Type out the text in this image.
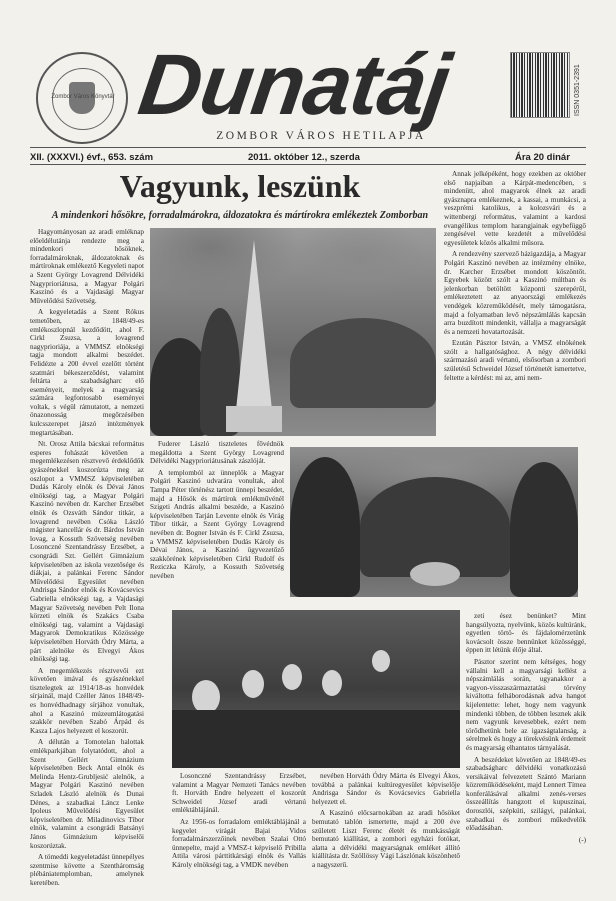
Zombor Város Könyvtár Dunatáj
ZOMBOR VÁROS HETILAPJA
ISSN 0351-2391
XII. (XXXVI.) évf., 653. szám	2011. október 12., szerda	Ára 20 dinár
Vagyunk, leszünk
A mindenkori hősökre, forradalmárokra, áldozatokra és mártírokra emlékeztek Zomborban

Hagyományosan az aradi emléknap előeldélutánja rendezte meg a mindenkori hősöknek, forradalmároknak, áldozatoknak és mártíroknak emlékeztő Kegyeleti napot a Szent György Lovagrend Délvidéki Nagyprioriátusa, a Magyar Polgári Kaszinó és a Vajdasági Magyar Művelődési Szövetség.

A kegyeletadás a Szent Rókus temetőben, az 1848/49-es emlékoszlopnál kezdődött, ahol F. Cirkl Zsuzsa, a lovagrend nagyprioriája, a VMMSZ elnökségi tagja mondott alkalmi beszédet. Felidézte a 200 évvel ezelőtt történt szatmári békeszerződést, valamint feltárta a szabadságharc elő eseményeit, melyek a magyarság számára legfontosabb eseményei voltak, s végül rámutatott, a nemzeti önazonosság megőrzésében kulcsszerepet játszó intézmények megtartásában.

Nt. Orosz Attila bácskai református esperes fohászát követően a megemlékezésen résztvevő érdeklődők gyászénekkel koszorúzta meg az oszlopot a VMMSZ képviseletében Dudás Károly elnök és Dévai János elnökségi tag, a Magyar Polgári Kaszinó nevében dr. Karcher Erzsébet elnök és Ozsváth Sándor titkár, a lovagrend nevében Csóka László mágister kancellár és dr. Bárdos István lovag, a Kossuth Szövetség nevében Losonczné Szentandrássy Erzsébet, a csongrádi Szt. Gellért Gimnázium képviseletében az iskola vezetősége és diákjai, a palánkai Ferenc Sándor Művelődési Egyesület nevében Andrisga Sándor elnök és Kovácsevics Gabriella elnökségi tag, a Vajdasági Magyar Szövetség nevében Pelt Ilona körzeti elnök és Szakács Csaba elnökségi tag, valamint a Vajdasági Magyarok Demokratikus Közössége képviseletében Horváth Ódry Márta, a párt alelnöke és Elvegyi Ákos elnökségi tag.

A megemlékezés résztvevői ezt követően imával és gyászénekkel tisztelegtek az 1914/18-as honvédek sírjainál, majd Czéller János 1848/49-es honvédhadnagy sírjához vonultak, ahol a Kaszinó múzeumlátogatási szakkör nevében Szabó Árpád és Kasza Lajos helyezett el koszorút.

A délután a Tomotelan halottak emlékparkjában folytatódott, ahol a Szent Gellért Gimnázium képviseletében Beck Antal elnök és Melinda Hentz-Grubljesić alelnök, a Magyar Polgári Kaszinó nevében Szladek László alelnök és Dunai Dénes, a szabadkai Láncz Lenke Ipoleus Művelődési Egyesület képviseletében dr. Miladinovics Tibor elnök, valamint a csongrádi Batsányi János Gimnázium képviselői koszorúztak.

A tömeddi kegyeletadást ünnepélyes szentmise követte a Szentháromság plébániatemplomban, amelynek keretében.

Annak jelképéként, hogy ezekben az október első napjaiban a Kárpát-medencében, s mindenütt, ahol magyarok élnek az aradi gyásznapra emlékeznek, a kassai, a munkácsi, a veszprémi katolikus, a kolozsvári és a wittenbergi református, valamint a kardosi evangélikus templom harangjainak egybefüggő zengésével vette kezdetét a művelődési egyesületek közös alkalmi műsora.

A rendezvény szervező házigazdája, a Magyar Polgári Kaszinó nevében az intézmény elnöke, dr. Karcher Erzsébet mondott köszöntőt. Egyebek között szólt a Kaszinó múltban és jelenkorban betöltött központi szerepéről, emlékeztetett az anyaországi emlékezés vendégek közreműködését, mely támogatásra, majd a folyamatban levő népszámlálás kapcsán arra buzdított mindenkit, vállalja a magyarságát és a nemzeti hovatartozását.

Ezután Pásztor István, a VMSZ elnökének szólt a hallgatósághoz. A négy délvidéki származású aradi vértanú, elsősorban a zombori születésű Schweidel József történetét ismertetve, feltette a kérdést: mi az, ami nem-

Fuderer László tiszteletes fővédnök megáldotta a Szent György Lovagrend Délvidéki Nagyprioriátusának zászlóját.

A templomból az ünneplők a Magyar Polgári Kaszinó udvarára vonultak, ahol Tampa Péter történész tartott ünnepi beszédet, majd a Hősök és mártírok emlékművénél Szigeti András alkalmi beszéde, a Kaszinó képviseletében Tarján Levente elnök és Virág Tibor titkár, a Szent György Lovagrend nevében dr. Bogner István és F. Cirkl Zsuzsa, a VMMSZ képviseletében Dudás Károly és Dévai János, a Kaszinó ügyvezetőző szakkörének képviseletében Cirkl Rudolf és Reziczka Károly, a Kossuth Szövetség nevében

zeti ésez benünket? Mint hangsúlyozta, nyelvünk, közös kultúránk, egyetlen törtö- és fájdalomérzetünk kovácsolt össze bennünket közösséggé, éppen itt létünk élője által.

Pásztor szerint nem kétséges, hogy vállalni kell a magyarsági kellést a népszámlálás során, ugyanakkor a vagyon-visszaszármaztatási törvény kiváltotta felháborodásnak adva hangot kijelentette: lehet, hogy nem vagyunk mindenki többen, de többen lesznek akik nem vagyunk kevesebbek, ezért nem törődhetünk bele az igazságtalanság, a sérelmek és hogy a törekvésünk érdemeit és magyarság elhantatos tárnyalását.

A beszédeket követően az 1848/49-es szabadságharc délvidéki vonatkozású versikáival felvezetett Szántó Mariann közreműködéseként, majd Lennert Tímea konferálásával alkalmi zenés-verses összeállítás hangzott el kupuszinai, doroszlói, szépkúti, szilágyi, palánkai, szabadkai és zombori műkedvelők előadásában.

(-)

Losonczné Szentandrássy Erzsébet, valamint a Magyar Nemzeti Tanács nevében ft. Horváth Endre helyezett el koszorút Schweidel József aradi vértanú emléktáblájánál.

Az 1956-os forradalom emléktáblájánál a kegyelet virágát Bajai Vidos forradalmárszerzőinek nevében Szalai Ottó ünnepelte, majd a VMSZ-t képviselő Pribilla Attila városi párttitkársági elnök és Vallás Károly elnökségi tag, a VMDK nevében

nevében Horváth Ódry Márta és Elvegyi Ákos, továbbá a palánkai kultúregyesület képviselője Andrisga Sándor és Kovácsevics Gabriella helyezett el.

A Kaszinó előcsarnokában az aradi hősöket bemutató tablón ismertette, majd a 200 éve született Liszt Ferenc életét és munkásságát bemutató kiállítást, a zombori egyházi fotókat, alatta a délvidéki magyarságnak emléket állító kiállításta dr. Szöllössy Vági Lászlónak köszönhető a nagyszerű.
